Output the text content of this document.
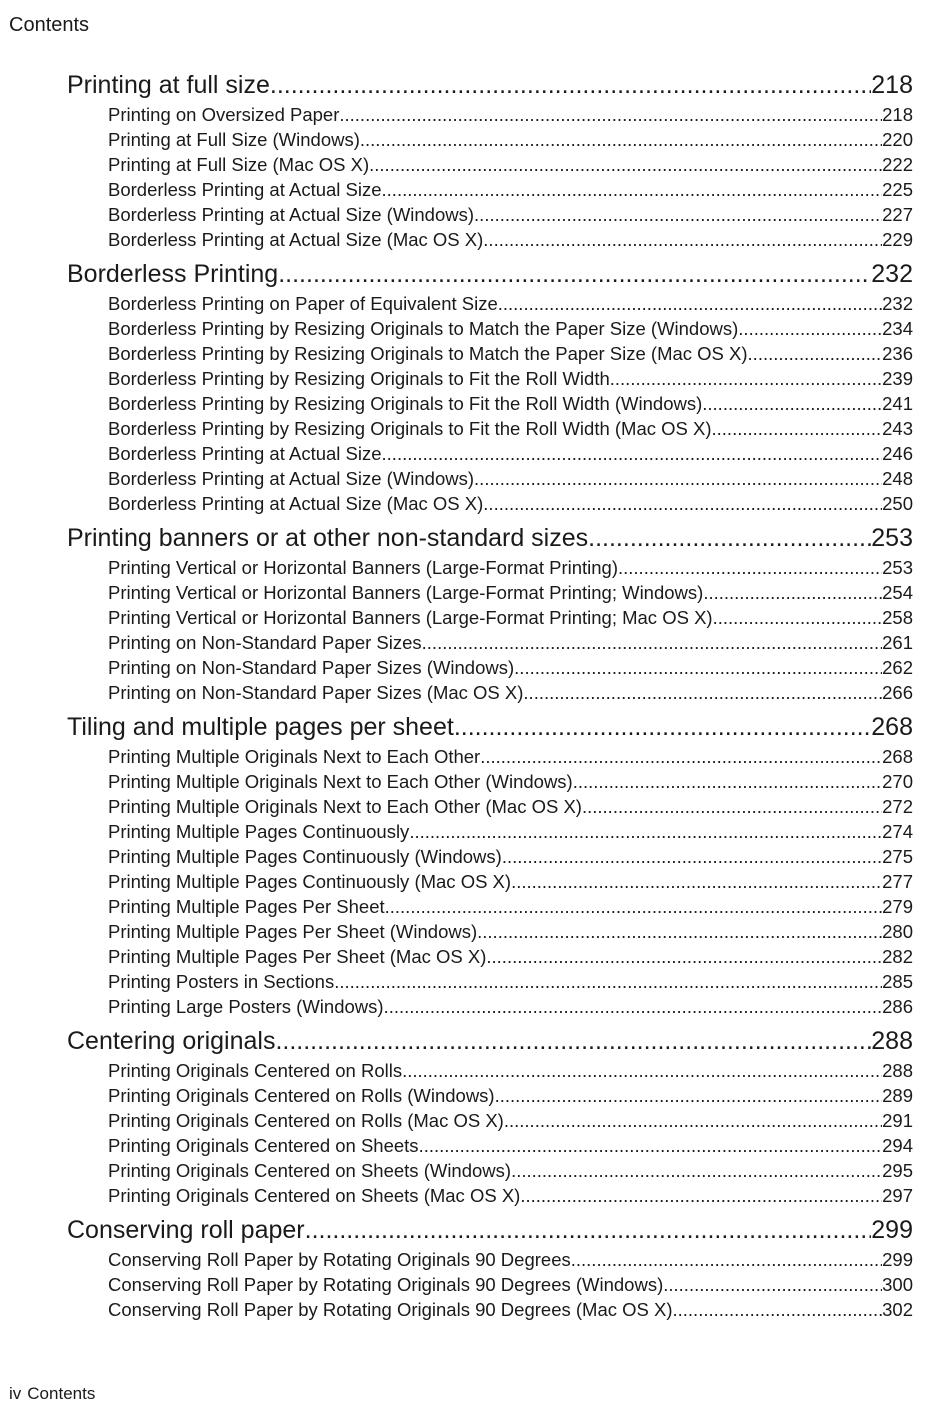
Contents
Printing at full size .....	218
Printing on Oversized Paper .....	218
Printing at Full Size (Windows) .....	220
Printing at Full Size (Mac OS X) .....	222
Borderless Printing at Actual Size .....	225
Borderless Printing at Actual Size (Windows) .....	227
Borderless Printing at Actual Size (Mac OS X) .....	229
Borderless Printing .....	232
Borderless Printing on Paper of Equivalent Size .....	232
Borderless Printing by Resizing Originals to Match the Paper Size (Windows) .....	234
Borderless Printing by Resizing Originals to Match the Paper Size (Mac OS X) .....	236
Borderless Printing by Resizing Originals to Fit the Roll Width .....	239
Borderless Printing by Resizing Originals to Fit the Roll Width (Windows) .....	241
Borderless Printing by Resizing Originals to Fit the Roll Width (Mac OS X) .....	243
Borderless Printing at Actual Size .....	246
Borderless Printing at Actual Size (Windows) .....	248
Borderless Printing at Actual Size (Mac OS X) .....	250
Printing banners or at other non-standard sizes .....	253
Printing Vertical or Horizontal Banners (Large-Format Printing) .....	253
Printing Vertical or Horizontal Banners (Large-Format Printing; Windows) .....	254
Printing Vertical or Horizontal Banners (Large-Format Printing; Mac OS X) .....	258
Printing on Non-Standard Paper Sizes .....	261
Printing on Non-Standard Paper Sizes (Windows) .....	262
Printing on Non-Standard Paper Sizes (Mac OS X) .....	266
Tiling and multiple pages per sheet .....	268
Printing Multiple Originals Next to Each Other .....	268
Printing Multiple Originals Next to Each Other (Windows) .....	270
Printing Multiple Originals Next to Each Other (Mac OS X) .....	272
Printing Multiple Pages Continuously .....	274
Printing Multiple Pages Continuously (Windows) .....	275
Printing Multiple Pages Continuously (Mac OS X) .....	277
Printing Multiple Pages Per Sheet .....	279
Printing Multiple Pages Per Sheet (Windows) .....	280
Printing Multiple Pages Per Sheet (Mac OS X) .....	282
Printing Posters in Sections .....	285
Printing Large Posters (Windows) .....	286
Centering originals .....	288
Printing Originals Centered on Rolls .....	288
Printing Originals Centered on Rolls (Windows) .....	289
Printing Originals Centered on Rolls (Mac OS X) .....	291
Printing Originals Centered on Sheets .....	294
Printing Originals Centered on Sheets (Windows) .....	295
Printing Originals Centered on Sheets (Mac OS X) .....	297
Conserving roll paper .....	299
Conserving Roll Paper by Rotating Originals 90 Degrees .....	299
Conserving Roll Paper by Rotating Originals 90 Degrees (Windows) .....	300
Conserving Roll Paper by Rotating Originals 90 Degrees (Mac OS X) .....	302
iv Contents
